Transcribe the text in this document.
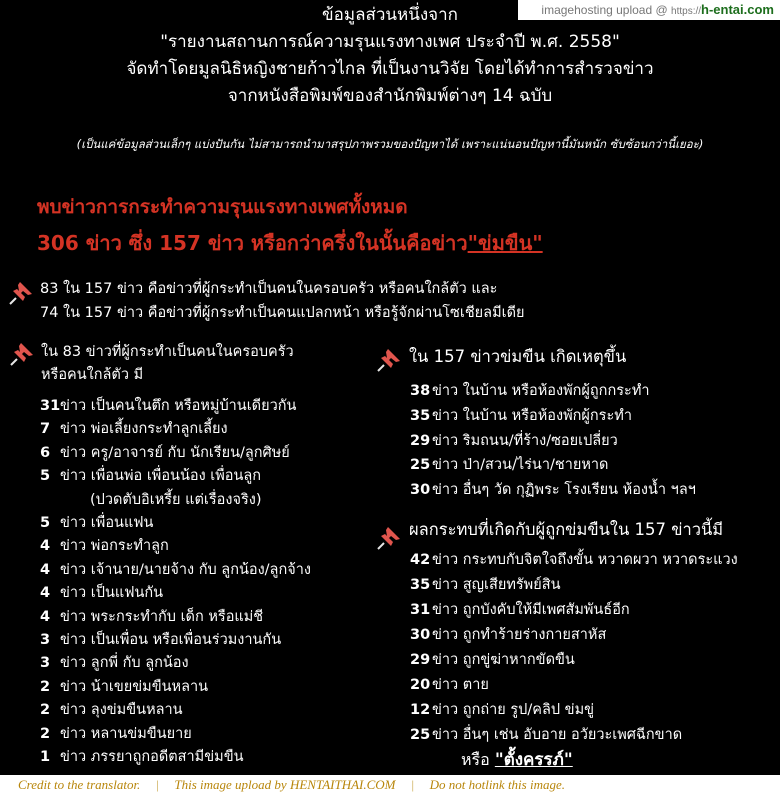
imagehosting upload @ https://h-entai.com
ข้อมูลส่วนหนึ่งจาก
"รายงานสถานการณ์ความรุนแรงทางเพศ ประจำปี พ.ศ. 2558"
จัดทำโดยมูลนิธิหญิงชายก้าวไกล ที่เป็นงานวิจัย โดยได้ทำการสำรวจข่าว
จากหนังสือพิมพ์ของสำนักพิมพ์ต่างๆ 14 ฉบับ
(เป็นแค่ข้อมูลส่วนเล็กๆ แบ่งปันกัน ไม่สามารถนำมาสรุปภาพรวมของปัญหาได้ เพราะแน่นอนปัญหานี้มันหนัก ซับซ้อนกว่านี้เยอะ)
พบข่าวการกระทำความรุนแรงทางเพศทั้งหมด
306 ข่าว ซึ่ง 157 ข่าว หรือกว่าครึ่งในนั้นคือข่าว"ข่มขืน"
83 ใน 157 ข่าว คือข่าวที่ผู้กระทำเป็นคนในครอบครัว หรือคนใกล้ตัว และ
74 ใน 157 ข่าว คือข่าวที่ผู้กระทำเป็นคนแปลกหน้า หรือรู้จักผ่านโซเชียลมีเดีย
ใน 83 ข่าวที่ผู้กระทำเป็นคนในครอบครัว
หรือคนใกล้ตัว มี
31ข่าว เป็นคนในตึก หรือหมู่บ้านเดียวกัน
7 ข่าว พ่อเลี้ยงกระทำลูกเลี้ยง
6 ข่าว ครู/อาจารย์ กับ นักเรียน/ลูกศิษย์
5 ข่าว เพื่อนพ่อ เพื่อนน้อง เพื่อนลูก
(ปวดตับอิเหรี้ย แต่เรื่องจริง)
5 ข่าว เพื่อนแฟน
4 ข่าว พ่อกระทำลูก
4 ข่าว เจ้านาย/นายจ้าง กับ ลูกน้อง/ลูกจ้าง
4 ข่าว เป็นแฟนกัน
4 ข่าว พระกระทำกับ เด็ก หรือแม่ชี
3 ข่าว เป็นเพื่อน หรือเพื่อนร่วมงานกัน
3 ข่าว ลูกพี่ กับ ลูกน้อง
2 ข่าว น้าเขยข่มขืนหลาน
2 ข่าว ลุงข่มขืนหลาน
2 ข่าว หลานข่มขืนยาย
1 ข่าว ภรรยาถูกอดีตสามีข่มขืน
ใน 157 ข่าวข่มขืน เกิดเหตุขึ้น
38 ข่าว ในบ้าน หรือห้องพักผู้ถูกกระทำ
35 ข่าว ในบ้าน หรือห้องพักผู้กระทำ
29 ข่าว ริมถนน/ที่ร้าง/ซอยเปลี่ยว
25 ข่าว ป่า/สวน/ไร่นา/ชายหาด
30 ข่าว อื่นๆ วัด กุฏิพระ โรงเรียน ห้องน้ำ ฯลฯ
ผลกระทบที่เกิดกับผู้ถูกข่มขืนใน 157 ข่าวนี้มี
42 ข่าว กระทบกับจิตใจถึงขั้น หวาดผวา หวาดระแวง
35 ข่าว สูญเสียทรัพย์สิน
31 ข่าว ถูกบังคับให้มีเพศสัมพันธ์อีก
30 ข่าว ถูกทำร้ายร่างกายสาหัส
29 ข่าว ถูกขู่ฆ่าหากขัดขืน
20 ข่าว ตาย
12 ข่าว ถูกถ่าย รูป/คลิป ข่มขู่
25 ข่าว อื่นๆ เช่น อับอาย อวัยวะเพศฉีกขาด
หรือ "ตั้งครรภ์"
Credit to the translator. | This image upload by HENTAITHAI.COM | Do not hotlink this image.
